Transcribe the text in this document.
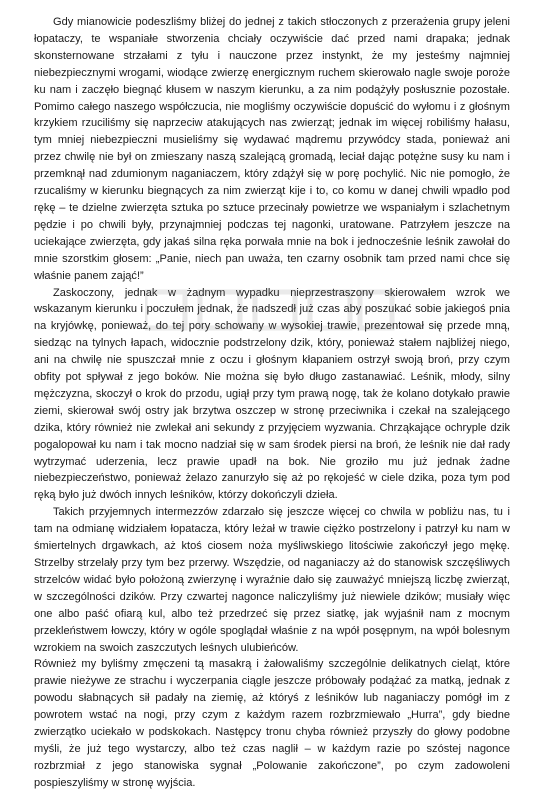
Gdy mianowicie podeszliśmy bliżej do jednej z takich stłoczonych z przerażenia grupy jeleni łopataczy, te wspaniałe stworzenia chciały oczywiście dać przed nami drapaka; jednak skonsternowane strzałami z tyłu i nauczone przez instynkt, że my jesteśmy najmniej niebezpiecznymi wrogami, wiodące zwierzę energicznym ruchem skierowało nagle swoje poroże ku nam i zaczęło biegnąć kłusem w naszym kierunku, a za nim podążyły posłusznie pozostałe. Pomimo całego naszego współczucia, nie mogliśmy oczywiście dopuścić do wyłomu i z głośnym krzykiem rzuciliśmy się naprzeciw atakujących nas zwierząt; jednak im więcej robiliśmy hałasu, tym mniej niebezpieczni musieliśmy się wydawać mądremu przywódcy stada, ponieważ ani przez chwilę nie był on zmieszany naszą szalejącą gromadą, leciał dając potężne susy ku nam i przemknął nad zdumionym naganiaczem, który zdążył się w porę pochylić. Nic nie pomogło, że rzucaliśmy w kierunku biegnących za nim zwierząt kije i to, co komu w danej chwili wpadło pod rękę – te dzielne zwierzęta sztuka po sztuce przecinały powietrze we wspaniałym i szlachetnym pędzie i po chwili były, przynajmniej podczas tej nagonki, uratowane. Patrzyłem jeszcze na uciekające zwierzęta, gdy jakaś silna ręka porwała mnie na bok i jednocześnie leśnik zawołał do mnie szorstkim głosem: „Panie, niech pan uważa, ten czarny osobnik tam przed nami chce się właśnie panem zająć!”

Zaskoczony, jednak w żadnym wypadku nieprzestraszony skierowałem wzrok we wskazanym kierunku i poczułem jednak, że nadszedł już czas aby poszukać sobie jakiegoś pnia na kryjówkę, ponieważ, do tej pory schowany w wysokiej trawie, prezentował się przede mną, siedząc na tylnych łapach, widocznie podstrzelony dzik, który, ponieważ stałem najbliżej niego, ani na chwilę nie spuszczał mnie z oczu i głośnym kłapaniem ostrzył swoją broń, przy czym obfity pot spływał z jego boków. Nie można się było długo zastanawiać. Leśnik, młody, silny mężczyzna, skoczył o krok do przodu, ugiął przy tym prawą nogę, tak że kolano dotykało prawie ziemi, skierował swój ostry jak brzytwa oszczep w stronę przeciwnika i czekał na szalejącego dzika, który również nie zwlekał ani sekundy z przyjęciem wyzwania. Chrząkające ochryple dzik pogalopował ku nam i tak mocno nadział się w sam środek piersi na broń, że leśnik nie dał rady wytrzymać uderzenia, lecz prawie upadł na bok. Nie groziło mu już jednak żadne niebezpieczeństwo, ponieważ żelazo zanurzyło się aż po rękojeść w ciele dzika, poza tym pod ręką było już dwóch innych leśników, którzy dokończyli dzieła.

Takich przyjemnych intermezzów zdarzało się jeszcze więcej co chwila w pobliżu nas, tu i tam na odmianę widziałem łopatacza, który leżał w trawie ciężko postrzelony i patrzył ku nam w śmiertelnych drgawkach, aż ktoś ciosem noża myśliwskiego litościwie zakończył jego mękę. Strzelby strzelały przy tym bez przerwy. Wszędzie, od naganiaczy aż do stanowisk szczęśliwych strzelców widać było położoną zwierzynę i wyraźnie dało się zauważyć mniejszą liczbę zwierząt, w szczególności dzików. Przy czwartej nagonce naliczyliśmy już niewiele dzików; musiały więc one albo paść ofiarą kul, albo też przedrzeć się przez siatkę, jak wyjaśnił nam z mocnym przekleństwem łowczy, który w ogóle spoglądał właśnie z na wpół posępnym, na wpół bolesnym wzrokiem na swoich zaszczutych leśnych ulubieńców.

Również my byliśmy zmęczeni tą masakrą i żałowaliśmy szczególnie delikatnych cieląt, które prawie nieżywe ze strachu i wyczerpania ciągle jeszcze próbowały podążać za matką, jednak z powodu słabnących sił padały na ziemię, aż któryś z leśników lub naganiaczy pomógł im z powrotem wstać na nogi, przy czym z każdym razem rozbrzmiewało „Hurra”, gdy biedne zwierzątko uciekało w podskokach. Następcy tronu chyba również przyszły do głowy podobne myśli, że już tego wystarczy, albo też czas naglił – w każdym razie po szóstej nagonce rozbrzmiał z jego stanowiska sygnał „Polowanie zakończone”, po czym zadowoleni pospieszyliśmy w stronę wyjścia.
